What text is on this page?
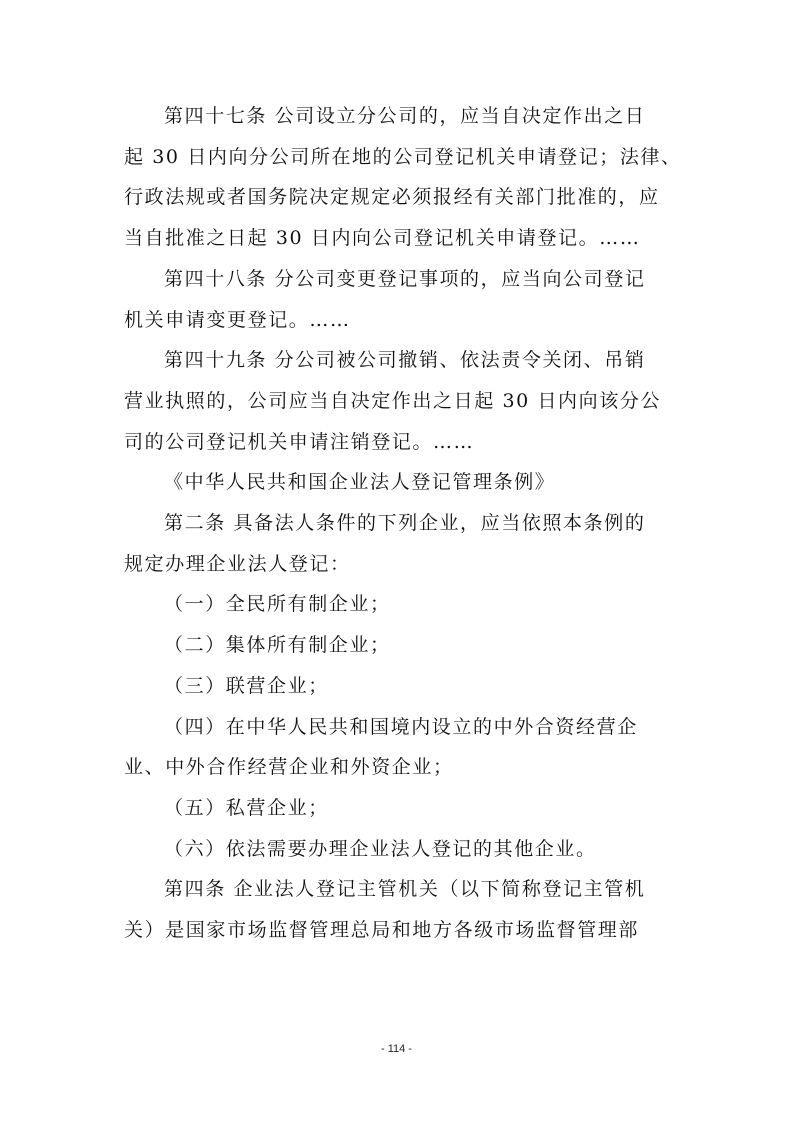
第四十七条 公司设立分公司的，应当自决定作出之日
起 30 日内向分公司所在地的公司登记机关申请登记；法律、
行政法规或者国务院决定规定必须报经有关部门批准的，应
当自批准之日起 30 日内向公司登记机关申请登记。……

第四十八条 分公司变更登记事项的，应当向公司登记
机关申请变更登记。……

第四十九条 分公司被公司撤销、依法责令关闭、吊销
营业执照的，公司应当自决定作出之日起 30 日内向该分公
司的公司登记机关申请注销登记。……

《中华人民共和国企业法人登记管理条例》

第二条 具备法人条件的下列企业，应当依照本条例的
规定办理企业法人登记：

（一）全民所有制企业；

（二）集体所有制企业；

（三）联营企业；

（四）在中华人民共和国境内设立的中外合资经营企
业、中外合作经营企业和外资企业；

（五）私营企业；

（六）依法需要办理企业法人登记的其他企业。

第四条 企业法人登记主管机关（以下简称登记主管机
关）是国家市场监督管理总局和地方各级市场监督管理部

- 114 -
